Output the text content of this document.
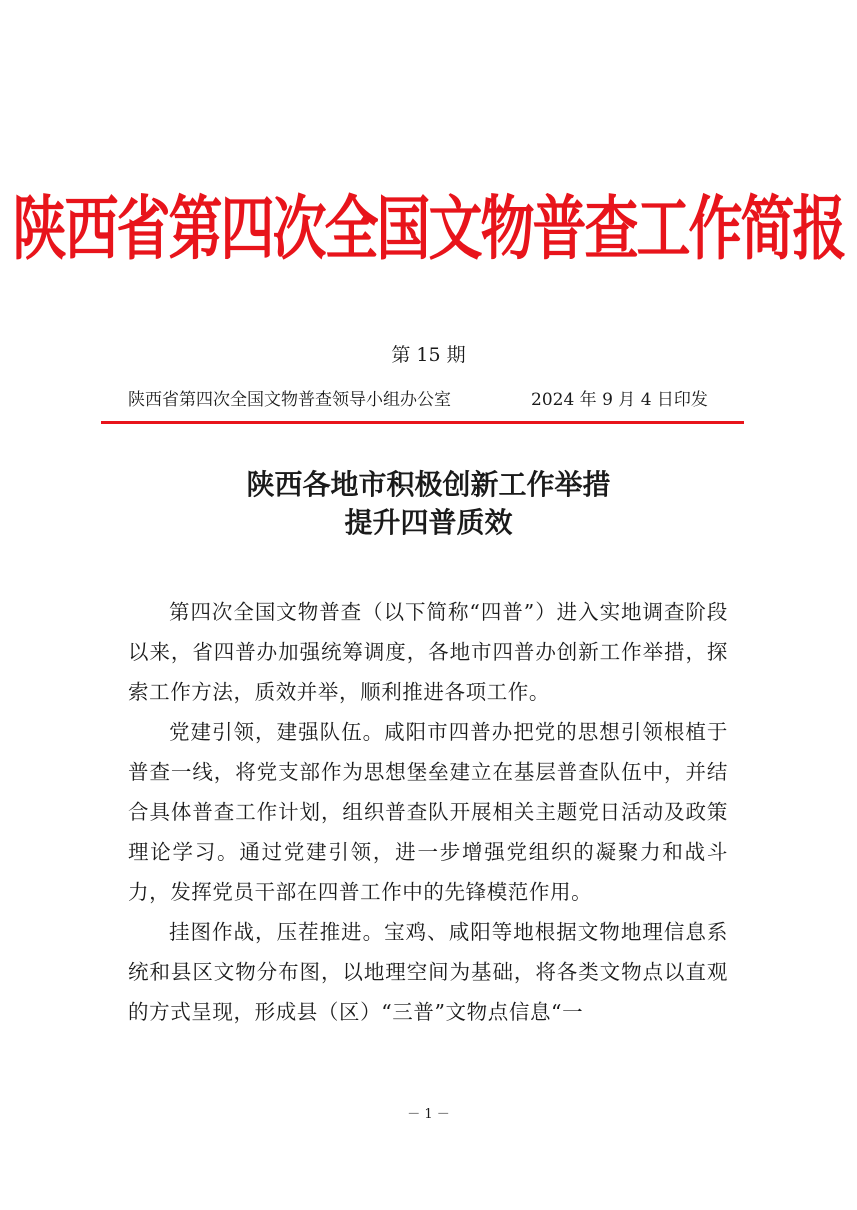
陕西省第四次全国文物普查工作简报
第 15 期
陕西省第四次全国文物普查领导小组办公室	2024 年 9 月 4 日印发
陕西各地市积极创新工作举措
提升四普质效

第四次全国文物普查（以下简称“四普”）进入实地调查阶段以来，省四普办加强统筹调度，各地市四普办创新工作举措，探索工作方法，质效并举，顺利推进各项工作。

党建引领，建强队伍。咸阳市四普办把党的思想引领根植于普查一线，将党支部作为思想堡垒建立在基层普查队伍中，并结合具体普查工作计划，组织普查队开展相关主题党日活动及政策理论学习。通过党建引领，进一步增强党组织的凝聚力和战斗力，发挥党员干部在四普工作中的先锋模范作用。

挂图作战，压茬推进。宝鸡、咸阳等地根据文物地理信息系统和县区文物分布图，以地理空间为基础，将各类文物点以直观的方式呈现，形成县（区）“三普”文物点信息“一

－ 1 －
